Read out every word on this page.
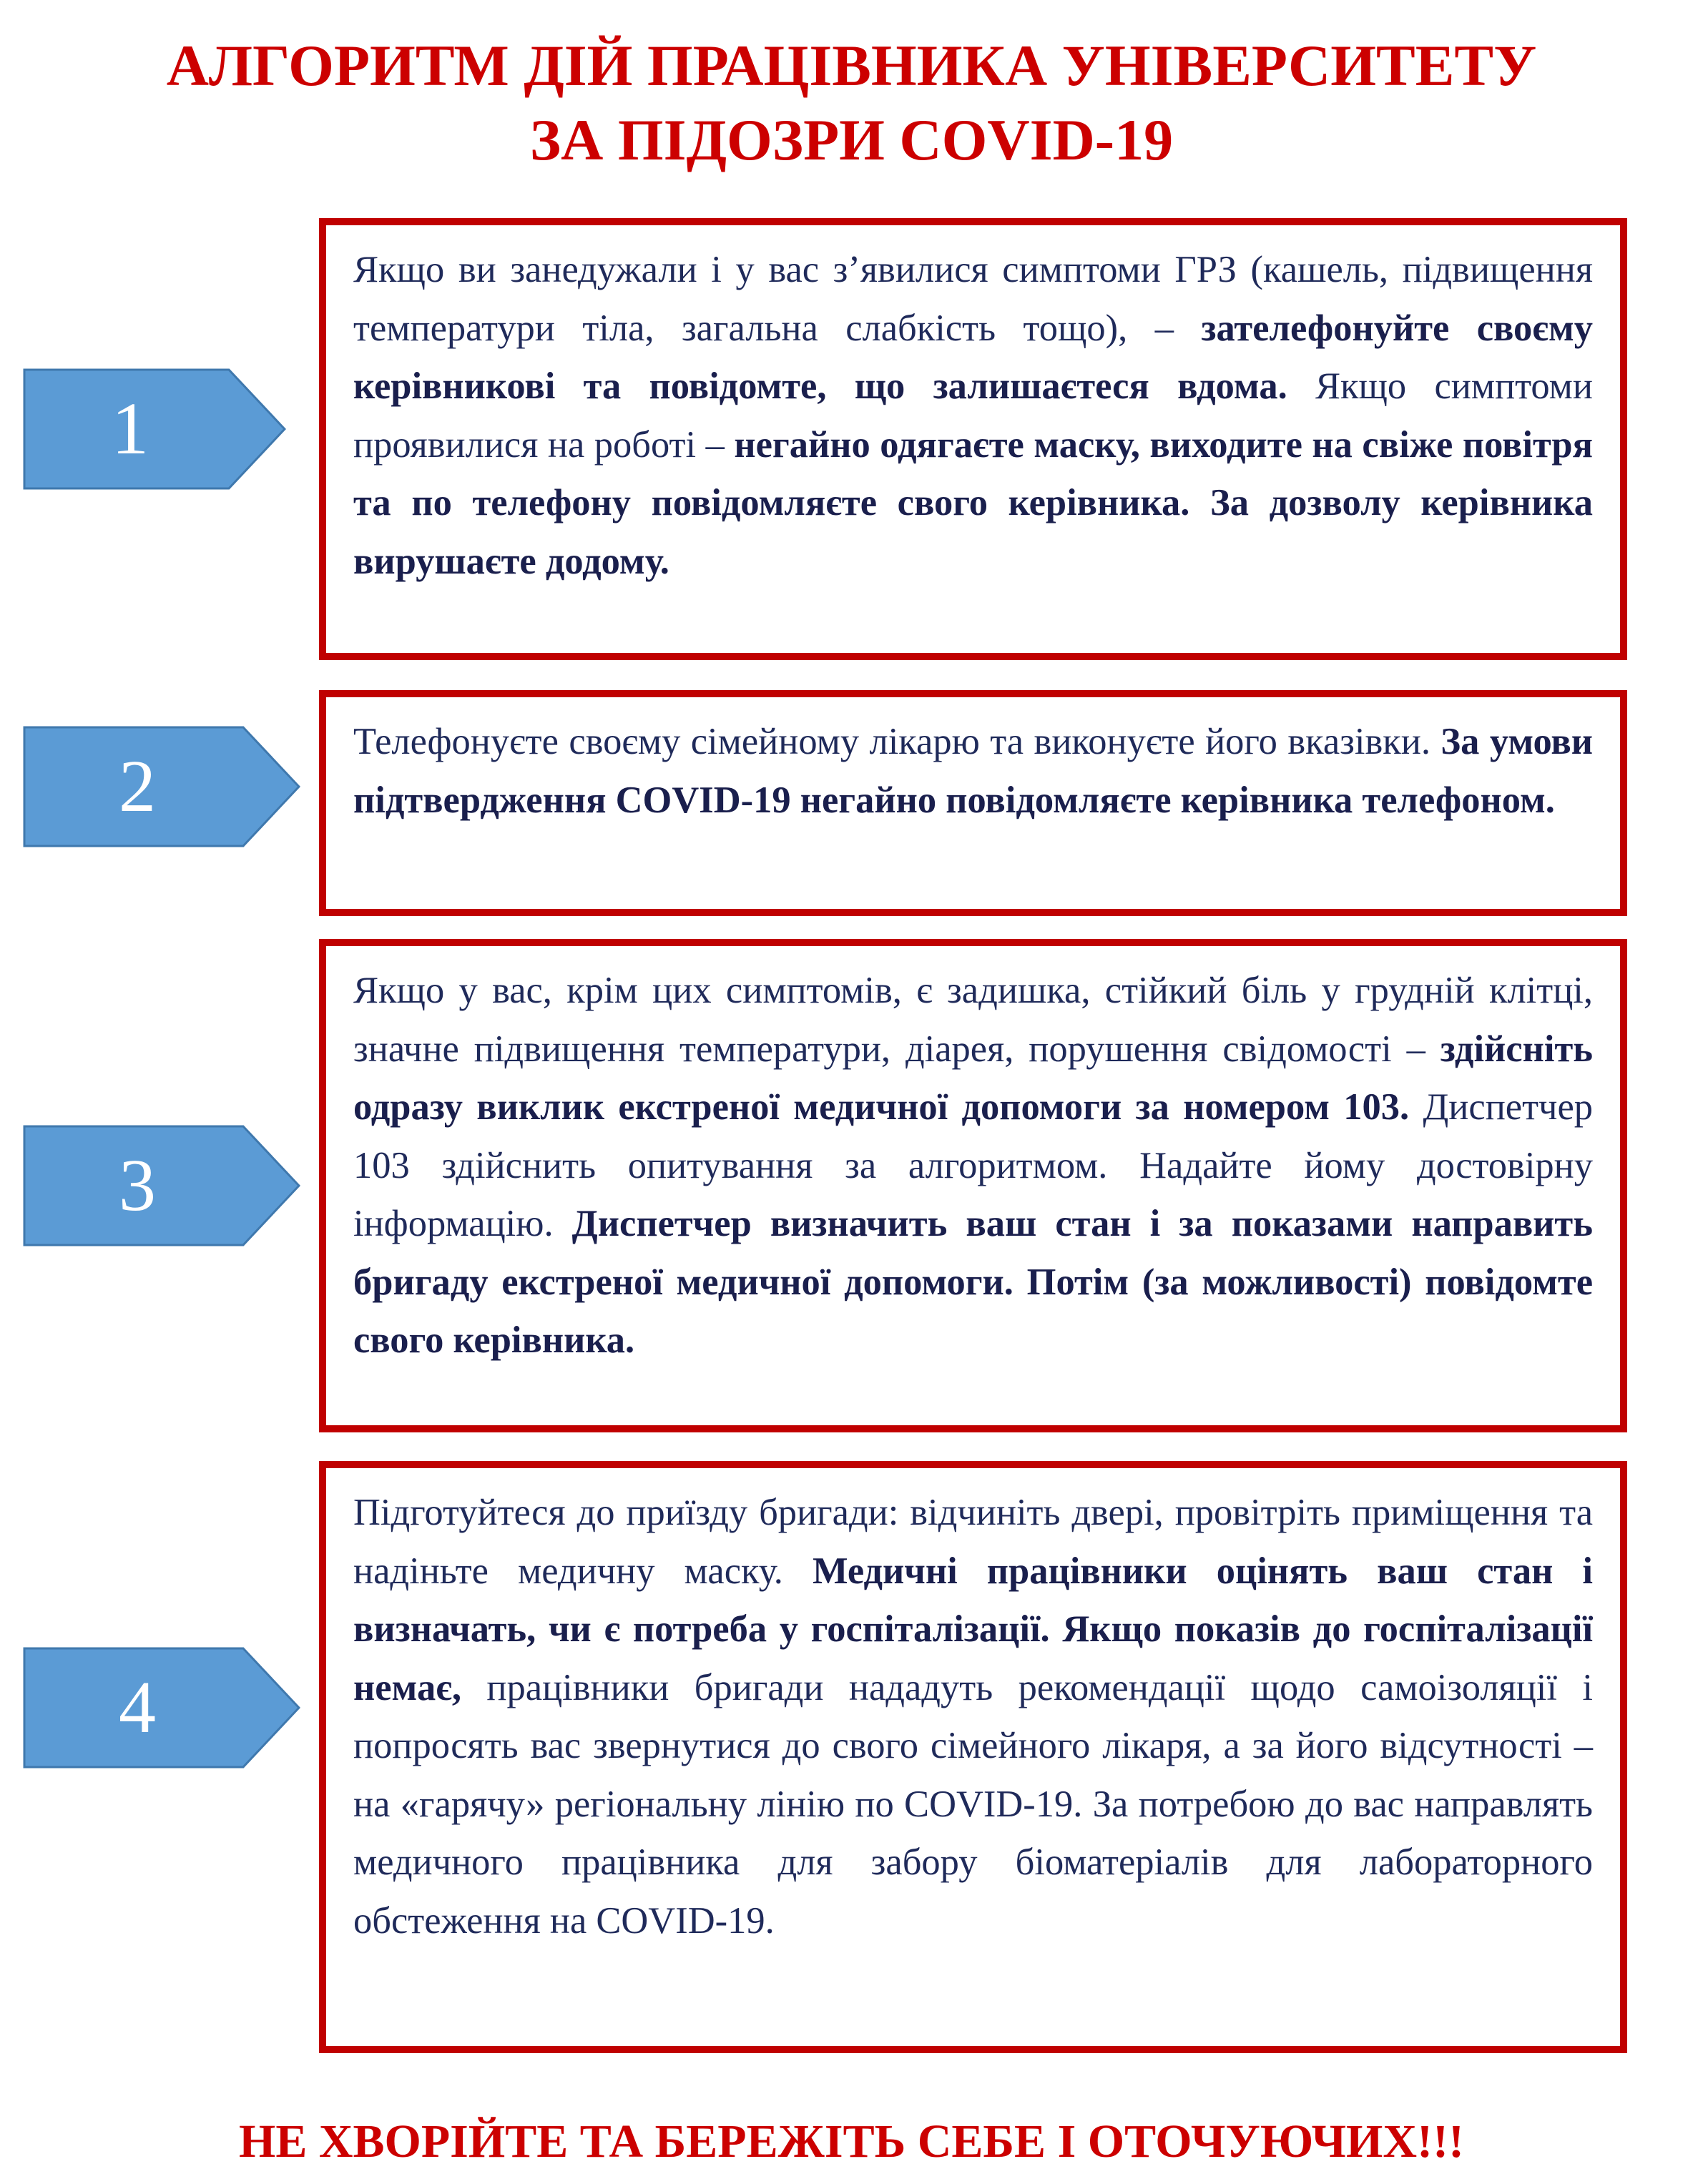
АЛГОРИТМ ДІЙ ПРАЦІВНИКА УНІВЕРСИТЕТУ
ЗА ПІДОЗРИ COVID-19
1

Якщо ви занедужали і у вас з’явилися симптоми ГРЗ (кашель, підвищення температури тіла, загальна слабкість тощо), – зателефонуйте своєму керівникові та повідомте, що залишаєтеся вдома. Якщо симптоми проявилися на роботі – негайно одягаєте маску, виходите на свіже повітря та по телефону повідомляєте свого керівника. За дозволу керівника вирушаєте додому.

2

Телефонуєте своєму сімейному лікарю та виконуєте його вказівки. За умови підтвердження COVID-19 негайно повідомляєте керівника телефоном.

3

Якщо у вас, крім цих симптомів, є задишка, стійкий біль у грудній клітці, значне підвищення температури, діарея, порушення свідомості – здійсніть одразу виклик екстреної медичної допомоги за номером 103. Диспетчер 103 здійснить опитування за алгоритмом. Надайте йому достовірну інформацію. Диспетчер визначить ваш стан і за показами направить бригаду екстреної медичної допомоги. Потім (за можливості) повідомте свого керівника.

4

Підготуйтеся до приїзду бригади: відчиніть двері, провітріть приміщення та надіньте медичну маску. Медичні працівники оцінять ваш стан і визначать, чи є потреба у госпіталізації. Якщо показів до госпіталізації немає, працівники бригади нададуть рекомендації щодо самоізоляції і попросять вас звернутися до свого сімейного лікаря, а за його відсутності – на «гарячу» регіональну лінію по COVID-19. За потребою до вас направлять медичного працівника для забору біоматеріалів для лабораторного обстеження на COVID-19.

НЕ ХВОРІЙТЕ ТА БЕРЕЖІТЬ СЕБЕ І ОТОЧУЮЧИХ!!!
